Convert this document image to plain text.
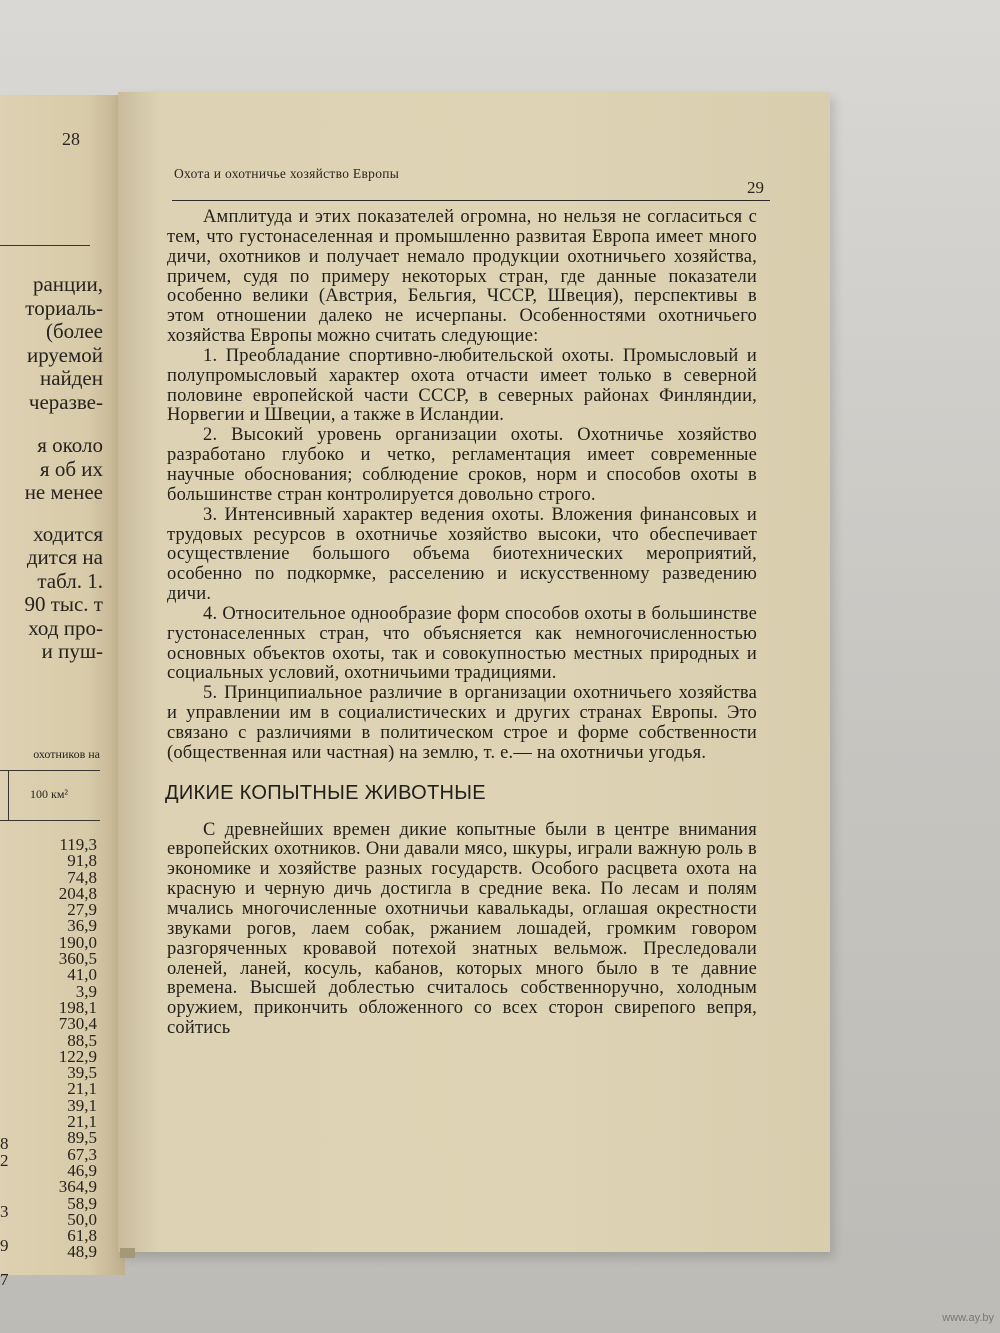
28
ранции,
ториаль-
(более
ируемой
найден
черазве-
я около
я об их
не менее
ходится
дится на
табл. 1.
90 тыс. т
ход про-
и пуш-
охотников на
100 км²
119,3
91,8
74,8
204,8
27,9
36,9
190,0
360,5
41,0
3,9
198,1
730,4
88,5
122,9
39,5
21,1
39,1
21,1
89,5
67,3
46,9
364,9
58,9
50,0
61,8
48,9
8
2

3

9

7
Охота и охотничье хозяйство Европы
29

Амплитуда и этих показателей огромна, но нельзя не согласиться с тем, что густонаселенная и промышленно развитая Европа имеет много дичи, охотников и получает немало продукции охотничьего хозяйства, причем, судя по примеру некоторых стран, где данные показатели особенно велики (Австрия, Бельгия, ЧССР, Швеция), перспективы в этом отношении далеко не исчерпаны. Особенностями охотничьего хозяйства Европы можно считать следующие:

1. Преобладание спортивно-любительской охоты. Промысловый и полупромысловый характер охота отчасти имеет только в северной половине европейской части СССР, в северных районах Финляндии, Норвегии и Швеции, а также в Исландии.

2. Высокий уровень организации охоты. Охотничье хозяйство разработано глубоко и четко, регламентация имеет современные научные обоснования; соблюдение сроков, норм и способов охоты в большинстве стран контролируется довольно строго.

3. Интенсивный характер ведения охоты. Вложения финансовых и трудовых ресурсов в охотничье хозяйство высоки, что обеспечивает осуществление большого объема биотехнических мероприятий, особенно по подкормке, расселению и искусственному разведению дичи.

4. Относительное однообразие форм способов охоты в большинстве густонаселенных стран, что объясняется как немногочисленностью основных объектов охоты, так и совокупностью местных природных и социальных условий, охотничьими традициями.

5. Принципиальное различие в организации охотничьего хозяйства и управлении им в социалистических и других странах Европы. Это связано с различиями в политическом строе и форме собственности (общественная или частная) на землю, т. е.— на охотничьи угодья.

ДИКИЕ КОПЫТНЫЕ ЖИВОТНЫЕ

С древнейших времен дикие копытные были в центре внимания европейских охотников. Они давали мясо, шкуры, играли важную роль в экономике и хозяйстве разных государств. Особого расцвета охота на красную и черную дичь достигла в средние века. По лесам и полям мчались многочисленные охотничьи кавалькады, оглашая окрестности звуками рогов, лаем собак, ржанием лошадей, громким говором разгоряченных кровавой потехой знатных вельмож. Преследовали оленей, ланей, косуль, кабанов, которых много было в те давние времена. Высшей доблестью считалось собственноручно, холодным оружием, прикончить обложенного со всех сторон свирепого вепря, сойтись

www.ay.by
